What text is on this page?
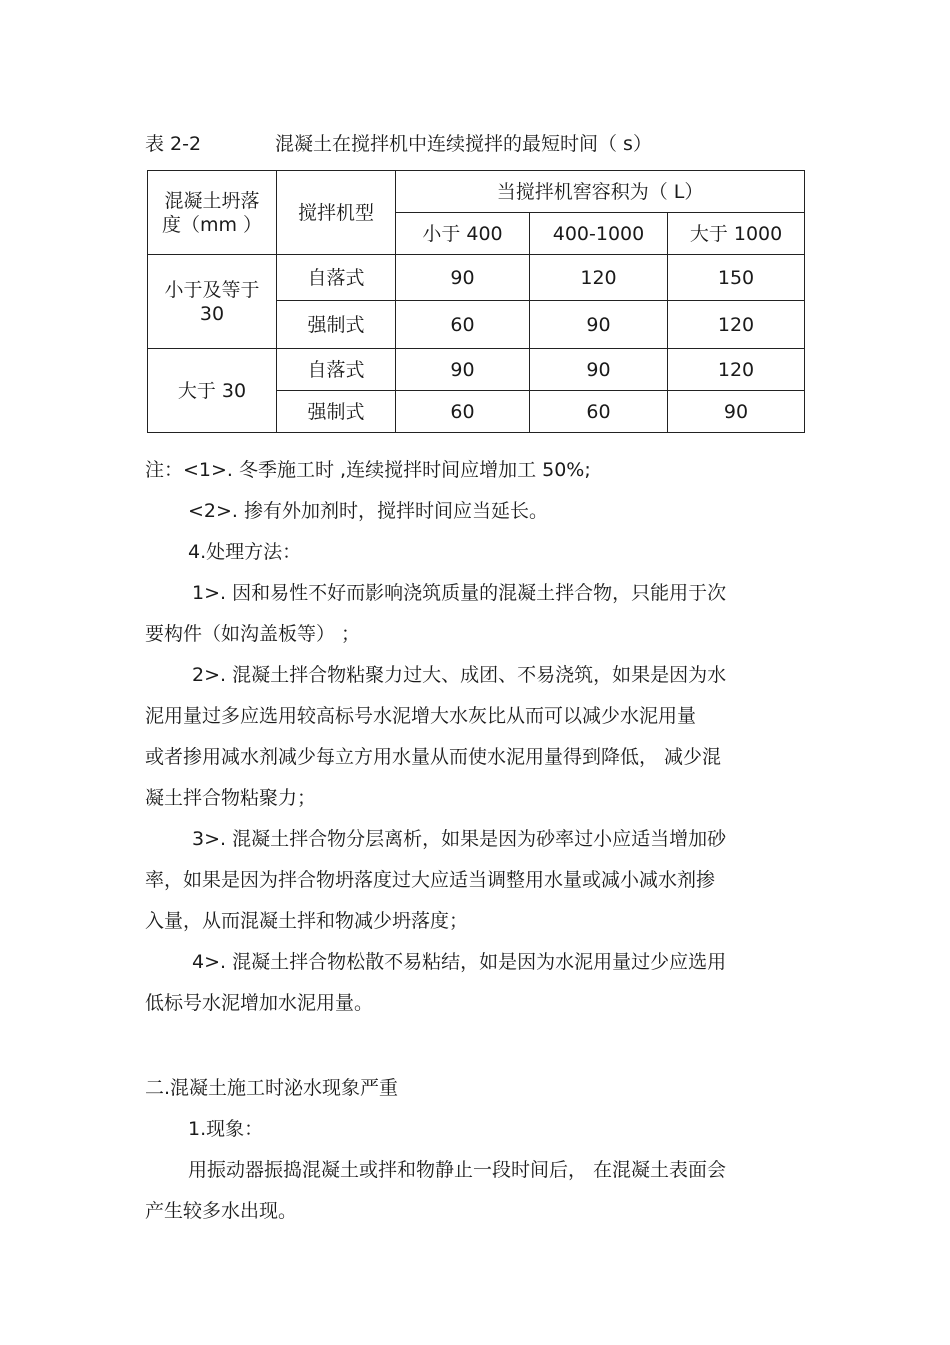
表 2-2	混凝土在搅拌机中连续搅拌的最短时间（ s）
混凝土坍落
度（mm ）	搅拌机型	当搅拌机窖容积为（ L）		
		小于 400	400-1000	大于 1000
小于及等于
30	自落式	90	120	150
	强制式	60	90	120
大于 30	自落式	90	90	120
	强制式	60	60	90
注：<1>. 冬季施工时 ,连续搅拌时间应增加工 50%;
<2>. 掺有外加剂时，搅拌时间应当延长。
4.处理方法：
1>. 因和易性不好而影响浇筑质量的混凝土拌合物，只能用于次
要构件（如沟盖板等） ；
2>. 混凝土拌合物粘聚力过大、成团、不易浇筑，如果是因为水
泥用量过多应选用较高标号水泥增大水灰比从而可以减少水泥用量
或者掺用减水剂减少每立方用水量从而使水泥用量得到降低， 减少混
凝土拌合物粘聚力；
3>. 混凝土拌合物分层离析，如果是因为砂率过小应适当增加砂
率，如果是因为拌合物坍落度过大应适当调整用水量或减小减水剂掺
入量，从而混凝土拌和物减少坍落度；
4>. 混凝土拌合物松散不易粘结，如是因为水泥用量过少应选用
低标号水泥增加水泥用量。
二.混凝土施工时泌水现象严重
1.现象：
用振动器振捣混凝土或拌和物静止一段时间后， 在混凝土表面会
产生较多水出现。
